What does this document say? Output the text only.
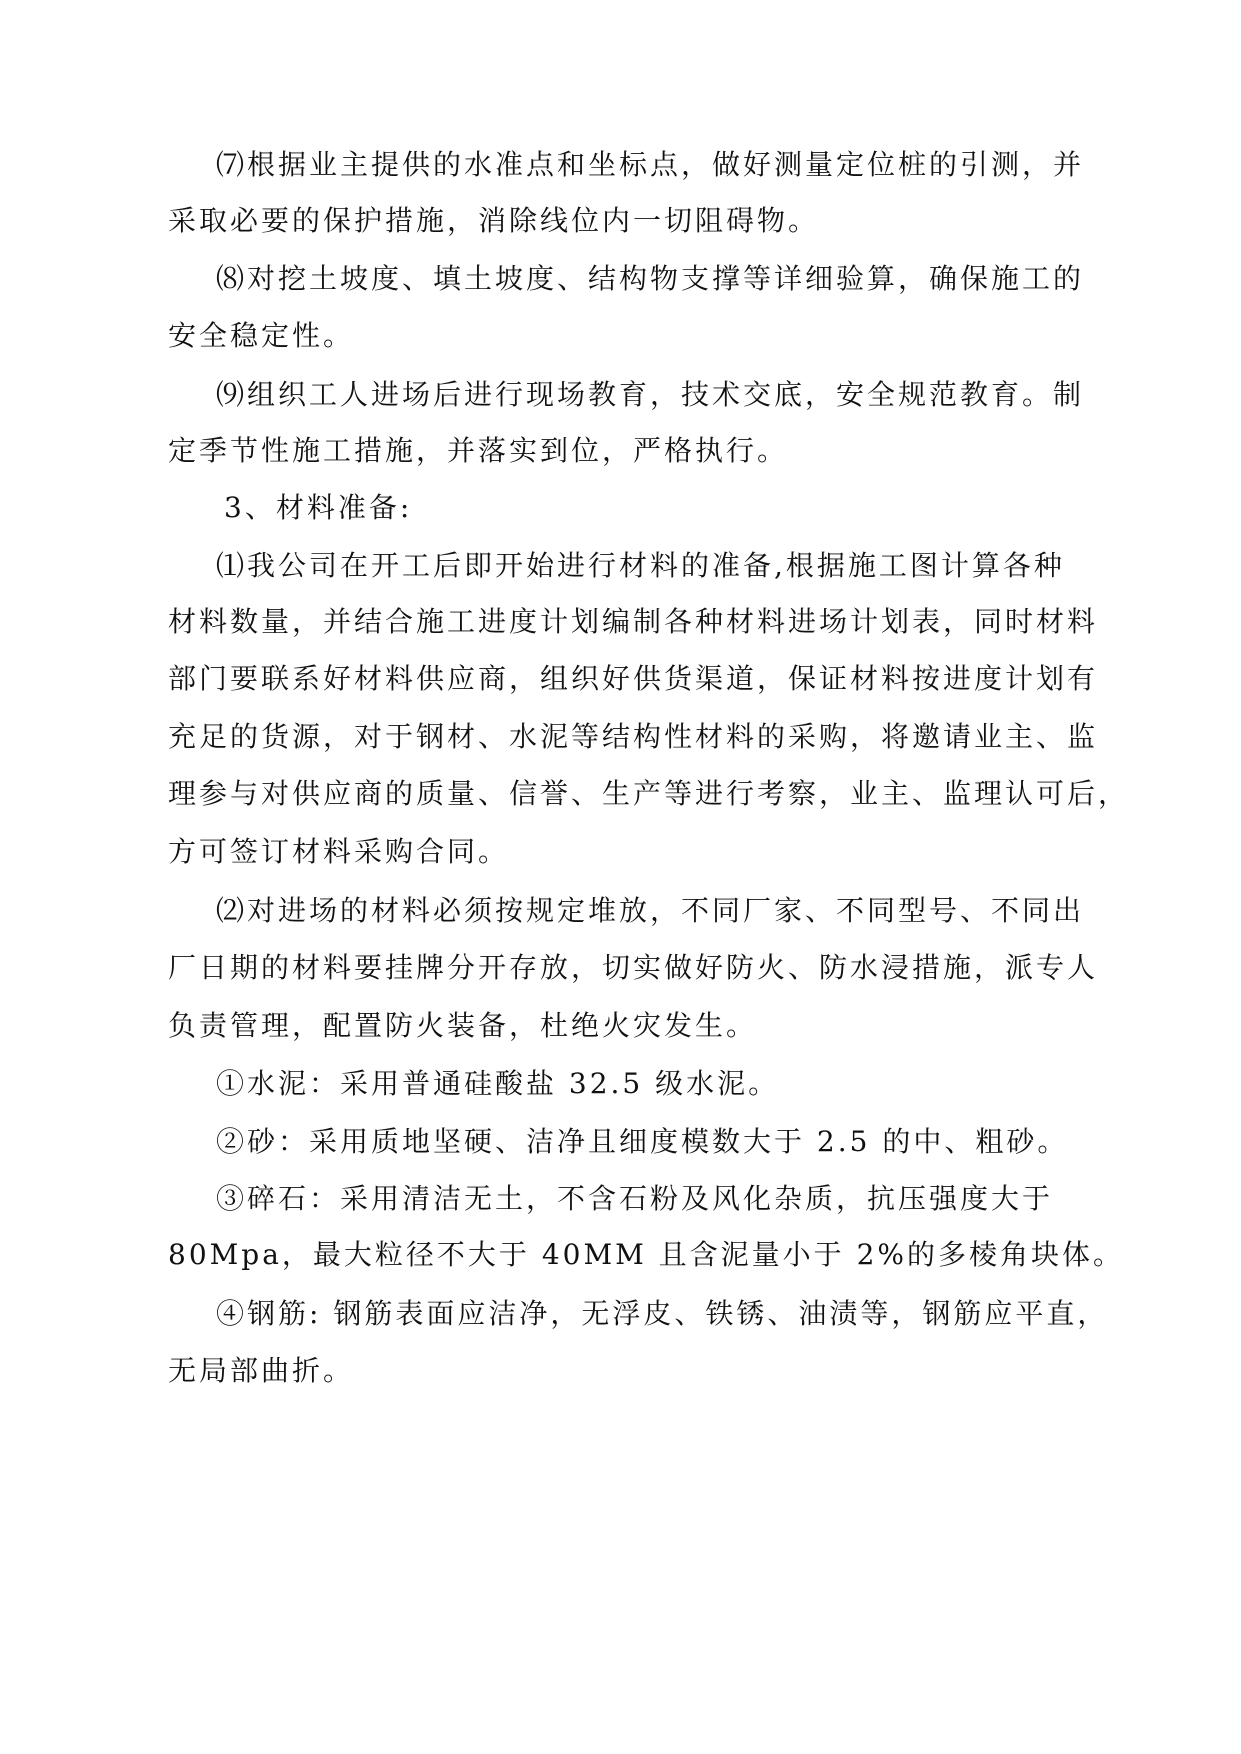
⑺根据业主提供的水准点和坐标点，做好测量定位桩的引测，并

采取必要的保护措施，消除线位内一切阻碍物。

⑻对挖土坡度、填土坡度、结构物支撑等详细验算，确保施工的

安全稳定性。

⑼组织工人进场后进行现场教育，技术交底，安全规范教育。制

定季节性施工措施，并落实到位，严格执行。

3、材料准备:

⑴我公司在开工后即开始进行材料的准备,根据施工图计算各种

材料数量，并结合施工进度计划编制各种材料进场计划表，同时材料

部门要联系好材料供应商，组织好供货渠道，保证材料按进度计划有

充足的货源，对于钢材、水泥等结构性材料的采购，将邀请业主、监

理参与对供应商的质量、信誉、生产等进行考察，业主、监理认可后，

方可签订材料采购合同。

⑵对进场的材料必须按规定堆放，不同厂家、不同型号、不同出

厂日期的材料要挂牌分开存放，切实做好防火、防水浸措施，派专人

负责管理，配置防火装备，杜绝火灾发生。

①水泥：采用普通硅酸盐 32.5 级水泥。

②砂：采用质地坚硬、洁净且细度模数大于 2.5 的中、粗砂。

③碎石：采用清洁无土，不含石粉及风化杂质，抗压强度大于

80Mpa，最大粒径不大于 40MM 且含泥量小于 2%的多棱角块体。

④钢筋: 钢筋表面应洁净，无浮皮、铁锈、油渍等，钢筋应平直，

无局部曲折。
